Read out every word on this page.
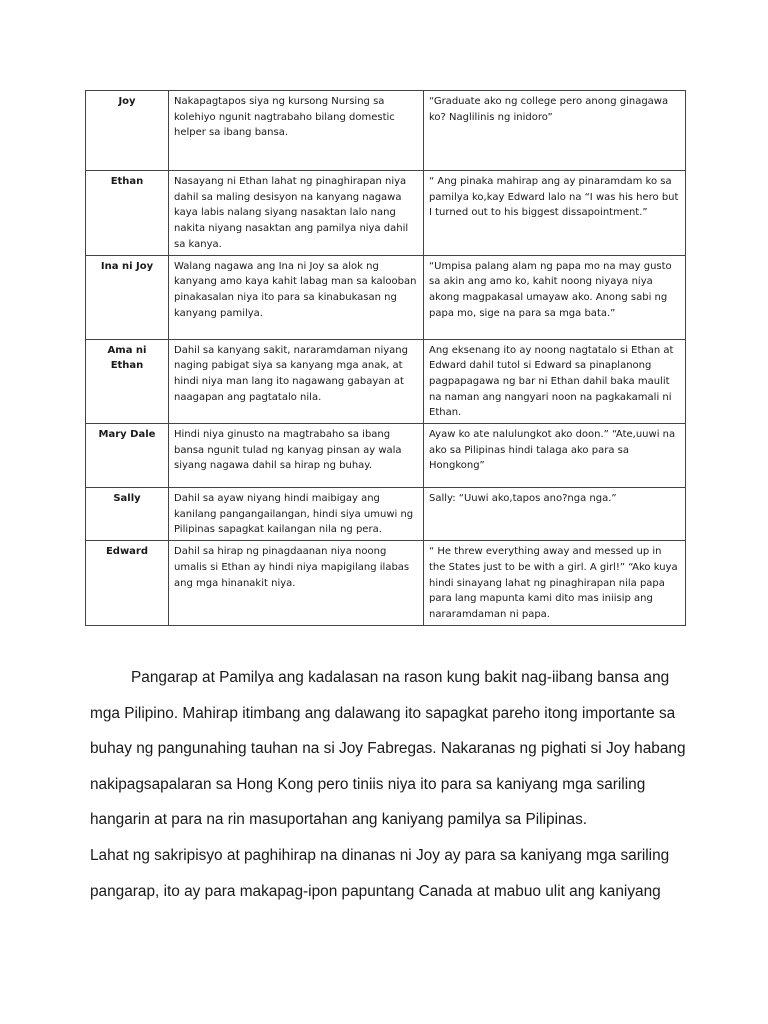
Joy	Nakapagtapos siya ng kursong Nursing sa kolehiyo ngunit nagtrabaho bilang domestic helper sa ibang bansa.	“Graduate ako ng college pero anong ginagawa ko? Naglilinis ng inidoro”
Ethan	Nasayang ni Ethan lahat ng pinaghirapan niya dahil sa maling desisyon na kanyang nagawa kaya labis nalang siyang nasaktan lalo nang nakita niyang nasaktan ang pamilya niya dahil sa kanya.	“ Ang pinaka mahirap ang ay pinaramdam ko sa pamilya ko,kay Edward lalo na “I was his hero but I turned out to his biggest dissapointment.”
Ina ni Joy	Walang nagawa ang Ina ni Joy sa alok ng kanyang amo kaya kahit labag man sa kalooban pinakasalan niya ito para sa kinabukasan ng kanyang pamilya.	“Umpisa palang alam ng papa mo na may gusto sa akin ang amo ko, kahit noong niyaya niya akong magpakasal umayaw ako. Anong sabi ng papa mo, sige na para sa mga bata.”
Ama ni Ethan	Dahil sa kanyang sakit, nararamdaman niyang naging pabigat siya sa kanyang mga anak, at hindi niya man lang ito nagawang gabayan at naagapan ang pagtatalo nila.	Ang eksenang ito ay noong nagtatalo si Ethan at Edward dahil tutol si Edward sa pinaplanong pagpapagawa ng bar ni Ethan dahil baka maulit na naman ang nangyari noon na pagkakamali ni Ethan.
Mary Dale	Hindi niya ginusto na magtrabaho sa ibang bansa ngunit tulad ng kanyag pinsan ay wala siyang nagawa dahil sa hirap ng buhay.	Ayaw ko ate nalulungkot ako doon.” “Ate,uuwi na ako sa Pilipinas hindi talaga ako para sa Hongkong”
Sally	Dahil sa ayaw niyang hindi maibigay ang kanilang pangangailangan, hindi siya umuwi ng Pilipinas sapagkat kailangan nila ng pera.	Sally: “Uuwi ako,tapos ano?nga nga.”
Edward	Dahil sa hirap ng pinagdaanan niya noong umalis si Ethan ay hindi niya mapigilang ilabas ang mga hinanakit niya.	“ He threw everything away and messed up in the States just to be with a girl. A girl!” “Ako kuya hindi sinayang lahat ng pinaghirapan nila papa para lang mapunta kami dito mas iniisip ang nararamdaman ni papa.

Pangarap at Pamilya ang kadalasan na rason kung bakit nag-iibang bansa ang mga Pilipino. Mahirap itimbang ang dalawang ito sapagkat pareho itong importante sa buhay ng pangunahing tauhan na si Joy Fabregas. Nakaranas ng pighati si Joy habang nakipagsapalaran sa Hong Kong pero tiniis niya ito para sa kaniyang mga sariling hangarin at para na rin masuportahan ang kaniyang pamilya sa Pilipinas.

Lahat ng sakripisyo at paghihirap na dinanas ni Joy ay para sa kaniyang mga sariling pangarap, ito ay para makapag-ipon papuntang Canada at mabuo ulit ang kaniyang
